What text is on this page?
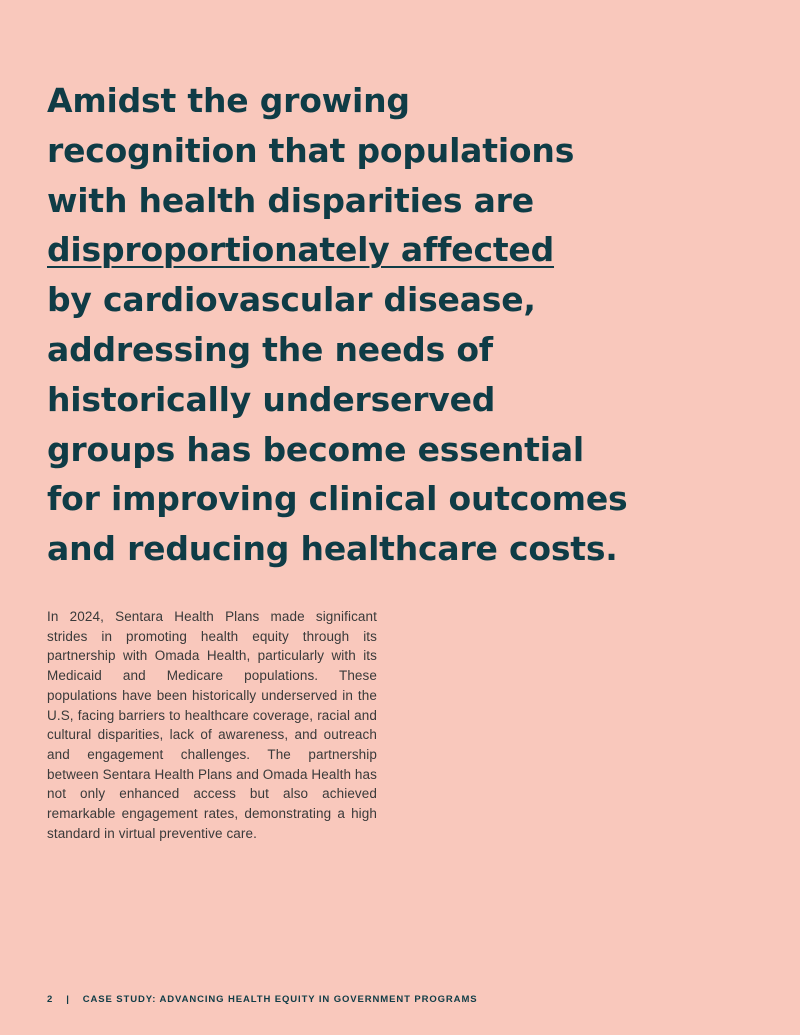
Amidst the growing
recognition that populations
with health disparities are
disproportionately affected
by cardiovascular disease,
addressing the needs of
historically underserved
groups has become essential
for improving clinical outcomes
and reducing healthcare costs.

In 2024, Sentara Health Plans made significant strides in promoting health equity through its partnership with Omada Health, particularly with its Medicaid and Medicare populations. These populations have been historically underserved in the U.S, facing barriers to healthcare coverage, racial and cultural disparities, lack of awareness, and outreach and engagement challenges. The partnership between Sentara Health Plans and Omada Health has not only enhanced access but also achieved remarkable engagement rates, demonstrating a high standard in virtual preventive care.

2 | CASE STUDY: ADVANCING HEALTH EQUITY IN GOVERNMENT PROGRAMS
